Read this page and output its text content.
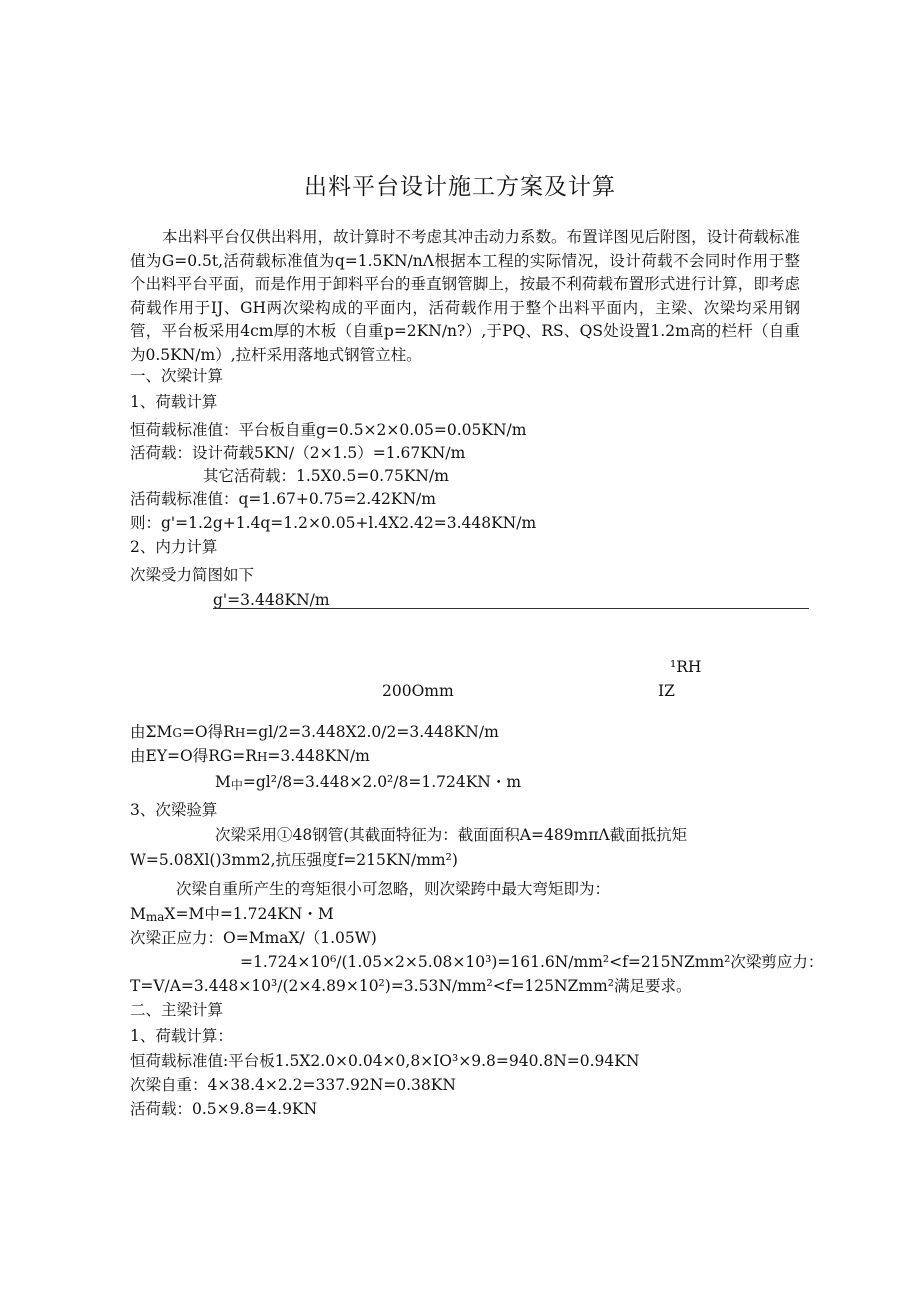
出料平台设计施工方案及计算
本出料平台仅供出料用，故计算时不考虑其冲击动力系数。布置详图见后附图，设计荷载标准值为G=0.5t,活荷载标准值为q=1.5KN∕nΛ根据本工程的实际情况，设计荷载不会同时作用于整个出料平台平面，而是作用于卸料平台的垂直钢管脚上，按最不利荷载布置形式进行计算，即考虑荷载作用于IJ、GH两次梁构成的平面内，活荷载作用于整个出料平面内，主梁、次梁均采用钢管，平台板采用4cm厚的木板（自重p=2KN∕n?）,于PQ、RS、QS处设置1.2m高的栏杆（自重为0.5KN∕m）,拉杆采用落地式钢管立柱。
一、次梁计算
1、荷载计算
恒荷载标准值：平台板自重g=0.5×2×0.05=0.05KN/m
活荷载：设计荷载5KN∕（2×1.5）=1.67KN∕m
其它活荷载：1.5X0.5=0.75KN/m
活荷载标准值：q=1.67+0.75=2.42KN∕m
则：g'=1.2g+1.4q=1.2×0.05+l.4X2.42=3.448KN/m
2、内力计算
次梁受力简图如下
g'=3.448KN/m
¹RH
200Omm	IZ
由ΣMG=O得RH=gl∕2=3.448X2.0∕2=3.448KN∕m
由EY=O得RG=RH=3.448KN∕m
M中=gl²∕8=3.448×2.0²∕8=1.724KN・m
3、次梁验算
次梁采用①48钢管(其截面特征为：截面面积A=489mπΛ截面抵抗矩
W=5.08Xl()3mm2,抗压强度f=215KN∕mm²)
次梁自重所产生的弯矩很小可忽略，则次梁跨中最大弯矩即为：
MmaX=M中=1.724KN・M
次梁正应力：O=MmaX/（1.05W)
=1.724×10⁶∕(1.05×2×5.08×10³)=161.6N∕mm²<f=215NZmm²次梁剪应力：
T=V∕A=3.448×10³∕(2×4.89×10²)=3.53N∕mm²<f=125NZmm²满足要求。
二、主梁计算
1、荷载计算：
恒荷载标准值:平台板1.5X2.0×0.04×0,8×IO³×9.8=940.8N=0.94KN
次梁自重：4×38.4×2.2=337.92N=0.38KN
活荷载：0.5×9.8=4.9KN
